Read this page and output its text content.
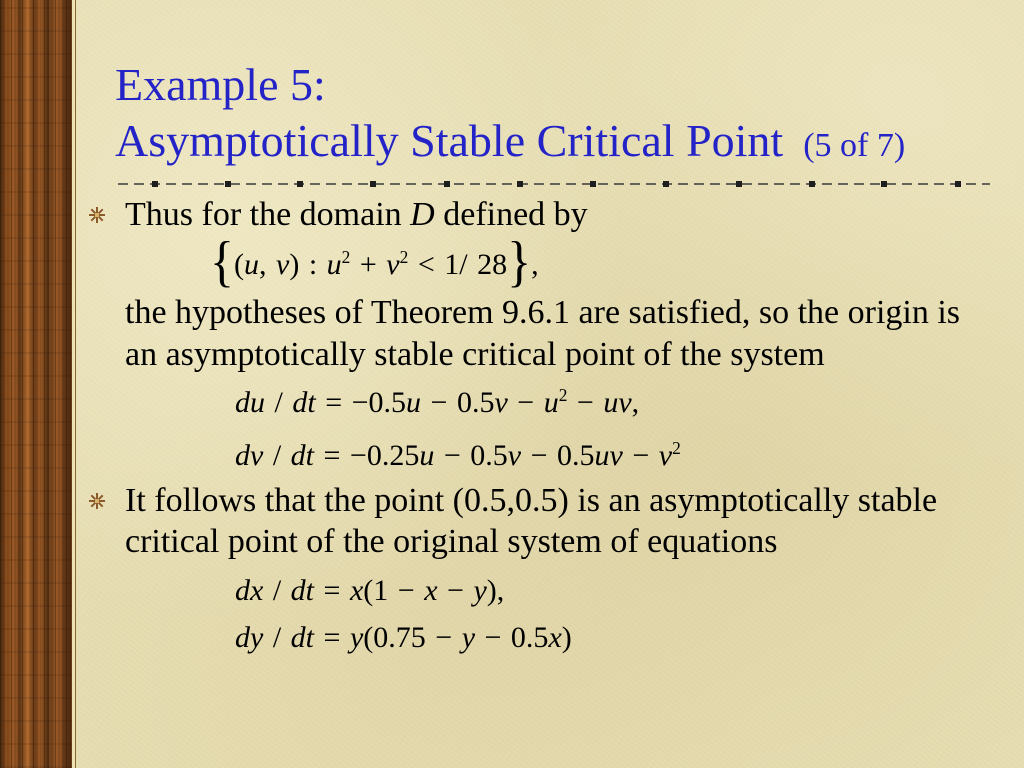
Example 5:
Asymptotically Stable Critical Point (5 of 7)
Thus for the domain D defined by
{(u, v) : $u^2 + v^2 < 1/$ 28},
the hypotheses of Theorem 9.6.1 are satisfied, so the origin is
an asymptotically stable critical point of the system
du / dt = $-0.5u - 0.5v - u^2$ − uv,
dv / dt = $-0.25u - 0.5v - 0.5uv - v^2$
It follows that the point (0.5,0.5) is an asymptotically stable
critical point of the original system of equations
dx / dt = x(1 − x − y),
dy / dt = y(0.75 − y − 0.5x)
